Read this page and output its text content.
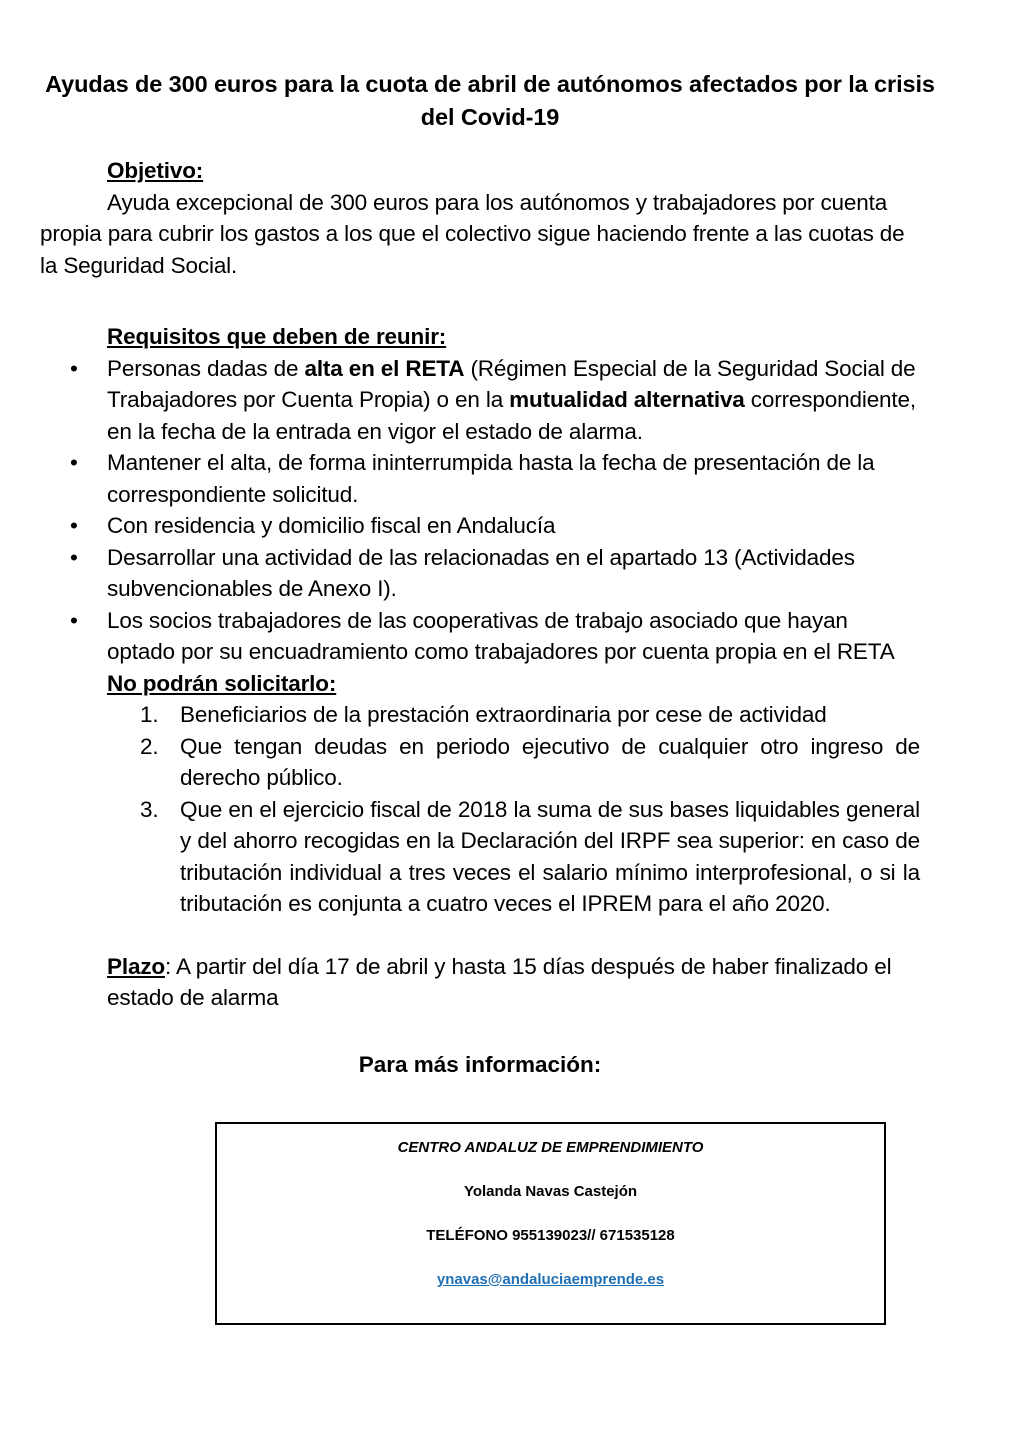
Ayudas de 300 euros para la cuota de abril de autónomos afectados por la crisis del Covid-19

Objetivo:

Ayuda excepcional de 300 euros para los autónomos y trabajadores por cuenta propia para cubrir los gastos a los que el colectivo sigue haciendo frente a las cuotas de la Seguridad Social.

Requisitos que deben de reunir:

• Personas dadas de alta en el RETA (Régimen Especial de la Seguridad Social de Trabajadores por Cuenta Propia) o en la mutualidad alternativa correspondiente, en la fecha de la entrada en vigor el estado de alarma.
• Mantener el alta, de forma ininterrumpida hasta la fecha de presentación de la correspondiente solicitud.
• Con residencia y domicilio fiscal en Andalucía
• Desarrollar una actividad de las relacionadas en el apartado 13 (Actividades subvencionables de Anexo I).
• Los socios trabajadores de las cooperativas de trabajo asociado que hayan optado por su encuadramiento como trabajadores por cuenta propia en el RETA

No podrán solicitarlo:

1. Beneficiarios de la prestación extraordinaria por cese de actividad
2. Que tengan deudas en periodo ejecutivo de cualquier otro ingreso de derecho público.
3. Que en el ejercicio fiscal de 2018 la suma de sus bases liquidables general y del ahorro recogidas en la Declaración del IRPF sea superior: en caso de tributación individual a tres veces el salario mínimo interprofesional, o si la tributación es conjunta a cuatro veces el IPREM para el año 2020.

Plazo: A partir del día 17 de abril y hasta 15 días después de haber finalizado el estado de alarma

Para más información:

CENTRO ANDALUZ DE EMPRENDIMIENTO

Yolanda Navas Castejón

TELÉFONO 955139023// 671535128

ynavas@andaluciaemprende.es
